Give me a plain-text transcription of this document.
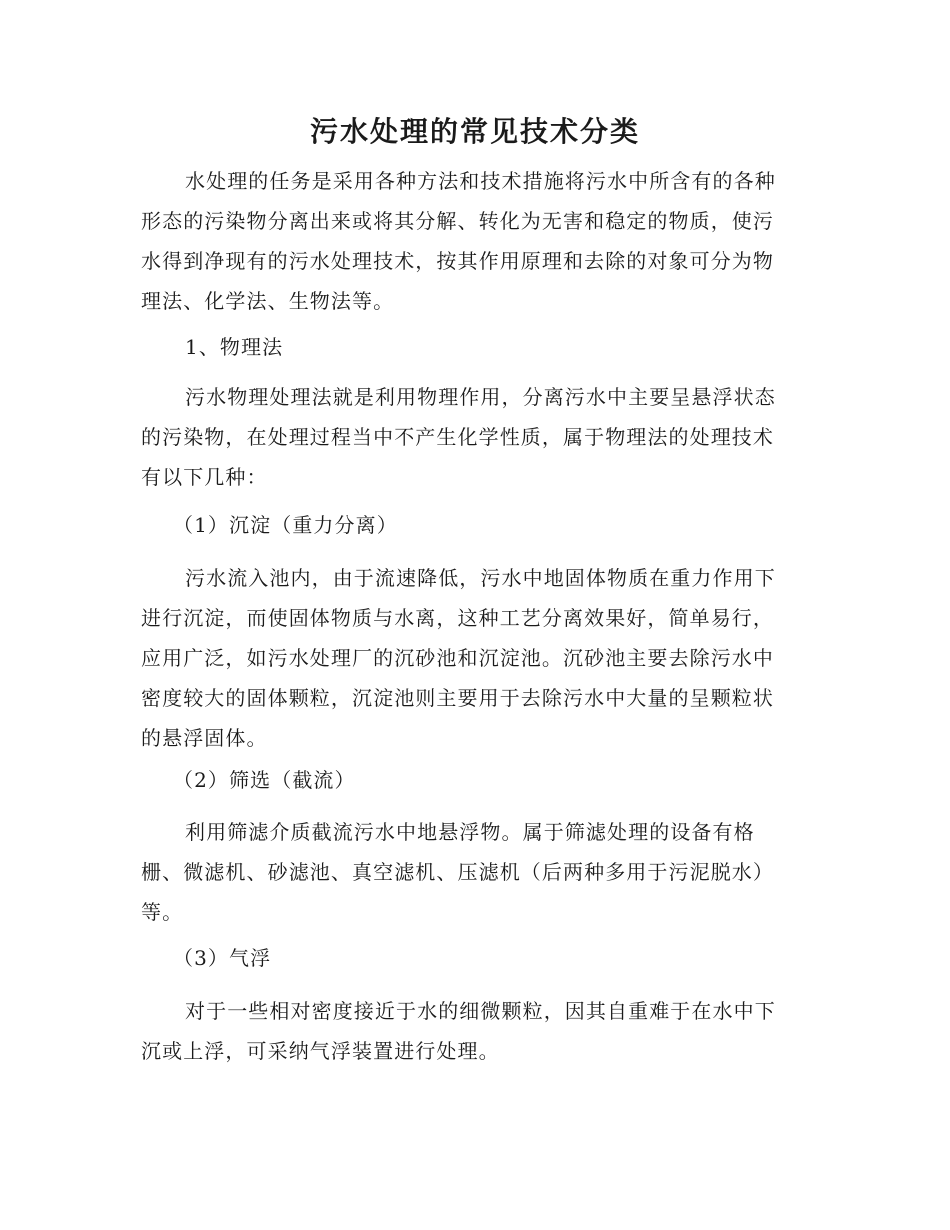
污水处理的常见技术分类

水处理的任务是采用各种方法和技术措施将污水中所含有的各种
形态的污染物分离出来或将其分解、转化为无害和稳定的物质，使污
水得到净现有的污水处理技术，按其作用原理和去除的对象可分为物
理法、化学法、生物法等。

1、物理法

污水物理处理法就是利用物理作用，分离污水中主要呈悬浮状态
的污染物，在处理过程当中不产生化学性质，属于物理法的处理技术
有以下几种：

（1）沉淀（重力分离）

污水流入池内，由于流速降低，污水中地固体物质在重力作用下
进行沉淀，而使固体物质与水离，这种工艺分离效果好，简单易行，
应用广泛，如污水处理厂的沉砂池和沉淀池。沉砂池主要去除污水中
密度较大的固体颗粒，沉淀池则主要用于去除污水中大量的呈颗粒状
的悬浮固体。

（2）筛选（截流）

利用筛滤介质截流污水中地悬浮物。属于筛滤处理的设备有格
栅、微滤机、砂滤池、真空滤机、压滤机（后两种多用于污泥脱水）
等。

（3）气浮

对于一些相对密度接近于水的细微颗粒，因其自重难于在水中下
沉或上浮，可采纳气浮装置进行处理。
